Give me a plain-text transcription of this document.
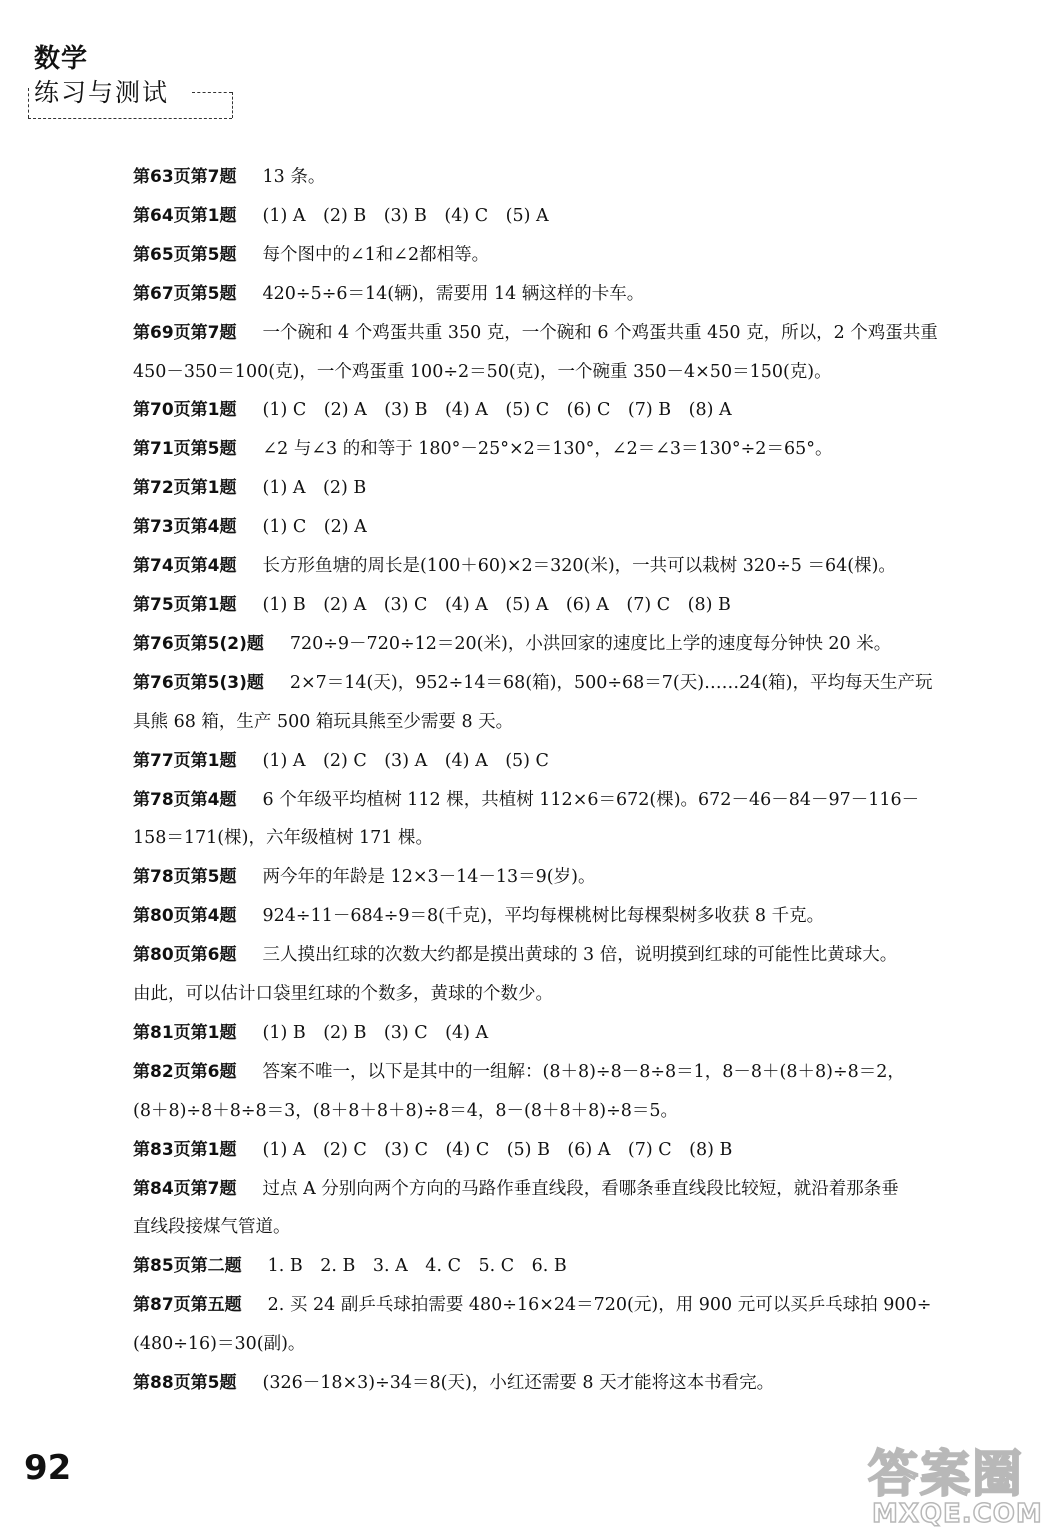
数学
练习与测试
第63页第7题 13 条。
第64页第1题 (1) A　(2) B　(3) B　(4) C　(5) A
第65页第5题 每个图中的∠1和∠2都相等。
第67页第5题 420÷5÷6＝14(辆)，需要用 14 辆这样的卡车。
第69页第7题 一个碗和 4 个鸡蛋共重 350 克，一个碗和 6 个鸡蛋共重 450 克，所以，2 个鸡蛋共重
450－350＝100(克)，一个鸡蛋重 100÷2＝50(克)，一个碗重 350－4×50＝150(克)。
第70页第1题 (1) C　(2) A　(3) B　(4) A　(5) C　(6) C　(7) B　(8) A
第71页第5题 ∠2 与∠3 的和等于 180°－25°×2＝130°，∠2＝∠3＝130°÷2＝65°。
第72页第1题 (1) A　(2) B
第73页第4题 (1) C　(2) A
第74页第4题 长方形鱼塘的周长是(100＋60)×2＝320(米)，一共可以栽树 320÷5 ＝64(棵)。
第75页第1题 (1) B　(2) A　(3) C　(4) A　(5) A　(6) A　(7) C　(8) B
第76页第5(2)题 720÷9－720÷12＝20(米)，小洪回家的速度比上学的速度每分钟快 20 米。
第76页第5(3)题 2×7＝14(天)，952÷14＝68(箱)，500÷68＝7(天)……24(箱)，平均每天生产玩
具熊 68 箱，生产 500 箱玩具熊至少需要 8 天。
第77页第1题 (1) A　(2) C　(3) A　(4) A　(5) C
第78页第4题 6 个年级平均植树 112 棵，共植树 112×6＝672(棵)。672－46－84－97－116－
158＝171(棵)，六年级植树 171 棵。
第78页第5题 两今年的年龄是 12×3－14－13＝9(岁)。
第80页第4题 924÷11－684÷9＝8(千克)，平均每棵桃树比每棵梨树多收获 8 千克。
第80页第6题 三人摸出红球的次数大约都是摸出黄球的 3 倍，说明摸到红球的可能性比黄球大。
由此，可以估计口袋里红球的个数多，黄球的个数少。
第81页第1题 (1) B　(2) B　(3) C　(4) A
第82页第6题 答案不唯一，以下是其中的一组解：(8＋8)÷8－8÷8＝1，8－8＋(8＋8)÷8＝2，
(8＋8)÷8＋8÷8＝3，(8＋8＋8＋8)÷8＝4，8－(8＋8＋8)÷8＝5。
第83页第1题 (1) A　(2) C　(3) C　(4) C　(5) B　(6) A　(7) C　(8) B
第84页第7题 过点 A 分别向两个方向的马路作垂直线段，看哪条垂直线段比较短，就沿着那条垂
直线段接煤气管道。
第85页第二题 1. B　2. B　3. A　4. C　5. C　6. B
第87页第五题 2. 买 24 副乒乓球拍需要 480÷16×24＝720(元)，用 900 元可以买乒乓球拍 900÷
(480÷16)＝30(副)。
第88页第5题 (326－18×3)÷34＝8(天)，小红还需要 8 天才能将这本书看完。
92	答案圈
MXQE.COM
